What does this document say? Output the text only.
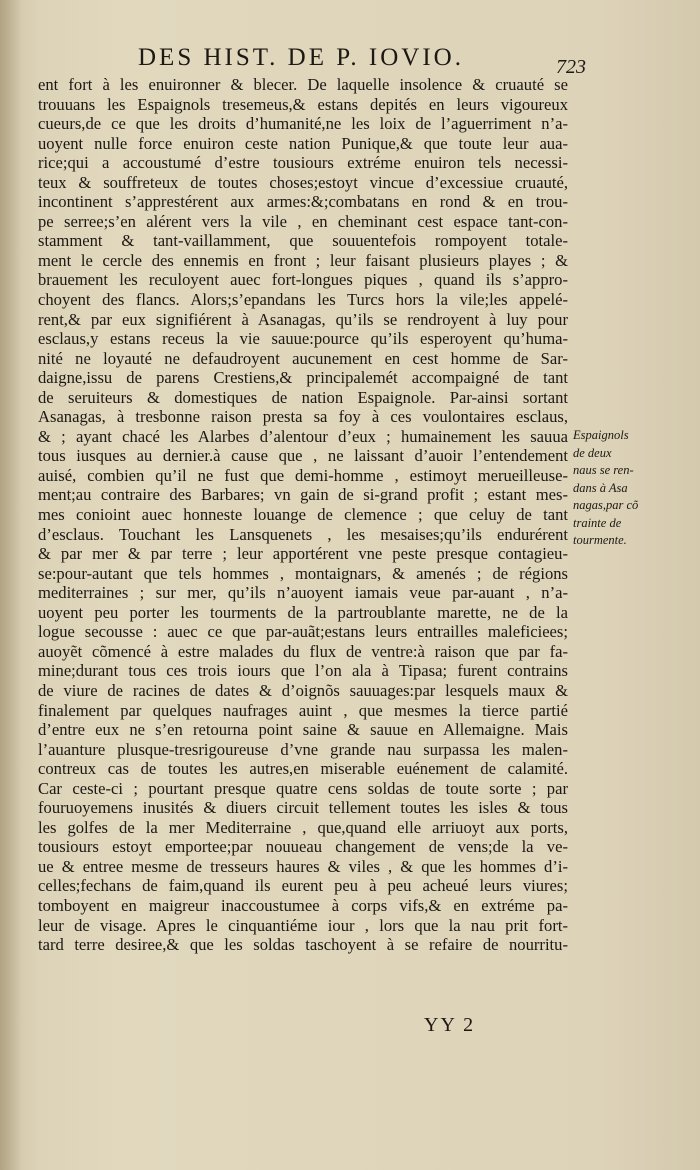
DES HIST. DE P. IOVIO.	723
ent fort à les enuironner & blecer. De laquelle insolence & cruauté se
trouuans les Espaignols tresemeus,& estans depités en leurs vigoureux
cueurs,de ce que les droits d’humanité,ne les loix de l’aguerriment n’a-
uoyent nulle force enuiron ceste nation Punique,& que toute leur aua-
rice;qui a accoustumé d’estre tousiours extréme enuiron tels necessi-
teux & souffreteux de toutes choses;estoyt vincue d’excessiue cruauté,
incontinent s’apprestérent aux armes:&;combatans en rond & en trou-
pe serree;s’en alérent vers la vile , en cheminant cest espace tant-con-
stamment & tant-vaillamment, que souuentefois rompoyent totale-
ment le cercle des ennemis en front ; leur faisant plusieurs playes ; &
brauement les reculoyent auec fort-longues piques , quand ils s’appro-
choyent des flancs. Alors;s’epandans les Turcs hors la vile;les appelé-
rent,& par eux signifiérent à Asanagas, qu’ils se rendroyent à luy pour
esclaus,y estans receus la vie sauue:pource qu’ils esperoyent qu’huma-
nité ne loyauté ne defaudroyent aucunement en cest homme de Sar-
daigne,issu de parens Crestiens,& principalemét accompaigné de tant
de seruiteurs & domestiques de nation Espaignole. Par-ainsi sortant
Asanagas, à tresbonne raison presta sa foy à ces voulontaires esclaus,
& ; ayant chacé les Alarbes d’alentour d’eux ; humainement les sauua
tous iusques au dernier.à cause que , ne laissant d’auoir l’entendement
auisé, combien qu’il ne fust que demi-homme , estimoyt merueilleuse-
ment;au contraire des Barbares; vn gain de si-grand profit ; estant mes-
mes conioint auec honneste louange de clemence ; que celuy de tant
d’esclaus. Touchant les Lansquenets , les mesaises;qu’ils endurérent
& par mer & par terre ; leur apportérent vne peste presque contagieu-
se:pour-autant que tels hommes , montaignars, & amenés ; de régions
mediterraines ; sur mer, qu’ils n’auoyent iamais veue par-auant , n’a-
uoyent peu porter les tourments de la partroublante marette, ne de la
logue secousse : auec ce que par-auãt;estans leurs entrailles maleficiees;
auoyẽt cõmencé à estre malades du flux de ventre:à raison que par fa-
mine;durant tous ces trois iours que l’on ala à Tipasa; furent contrains
de viure de racines de dates & d’oignõs sauuages:par lesquels maux &
finalement par quelques naufrages auint , que mesmes la tierce partié
d’entre eux ne s’en retourna point saine & sauue en Allemaigne. Mais
l’auanture plusque-tresrigoureuse d’vne grande nau surpassa les malen-
contreux cas de toutes les autres,en miserable euénement de calamité.
Car ceste-ci ; pourtant presque quatre cens soldas de toute sorte ; par
fouruoyemens inusités & diuers circuit tellement toutes les isles & tous
les golfes de la mer Mediterraine , que,quand elle arriuoyt aux ports,
tousiours estoyt emportee;par nouueau changement de vens;de la ve-
ue & entree mesme de tresseurs haures & viles , & que les hommes d’i-
celles;fechans de faim,quand ils eurent peu à peu acheué leurs viures;
tomboyent en maigreur inaccoustumee à corps vifs,& en extréme pa-
leur de visage. Apres le cinquantiéme iour , lors que la nau prit fort-
tard terre desiree,& que les soldas taschoyent à se refaire de nourritu-
Espaignols
de deux
naus se ren-
dans à Asa
nagas,par cõ
trainte de
tourmente.
YY 2
